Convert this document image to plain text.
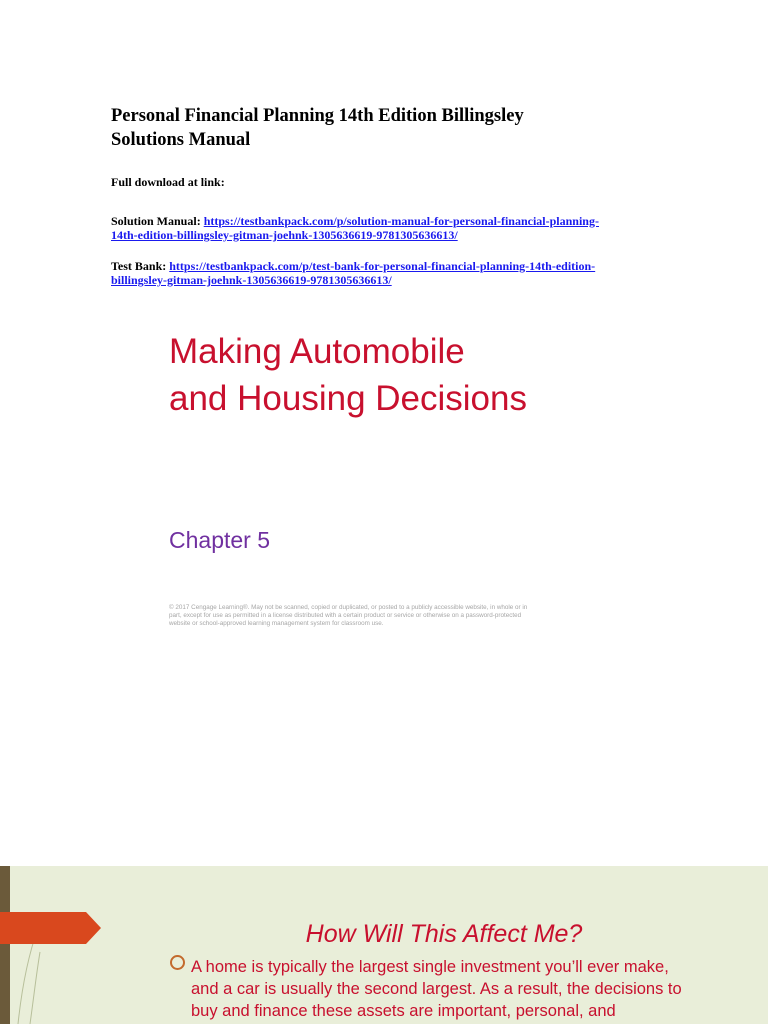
Personal Financial Planning 14th Edition Billingsley
Solutions Manual
Full download at link:
Solution Manual: https://testbankpack.com/p/solution-manual-for-personal-financial-planning-
14th-edition-billingsley-gitman-joehnk-1305636619-9781305636613/
Test Bank: https://testbankpack.com/p/test-bank-for-personal-financial-planning-14th-edition-
billingsley-gitman-joehnk-1305636619-9781305636613/
Making Automobile
and Housing Decisions
Chapter 5
© 2017 Cengage Learning®. May not be scanned, copied or duplicated, or posted to a publicly accessible website, in whole or in
part, except for use as permitted in a license distributed with a certain product or service or otherwise on a password-protected
website or school-approved learning management system for classroom use.
How Will This Affect Me?
A home is typically the largest single investment you’ll ever make,
and a car is usually the second largest. As a result, the decisions to
buy and finance these assets are important, personal, and
